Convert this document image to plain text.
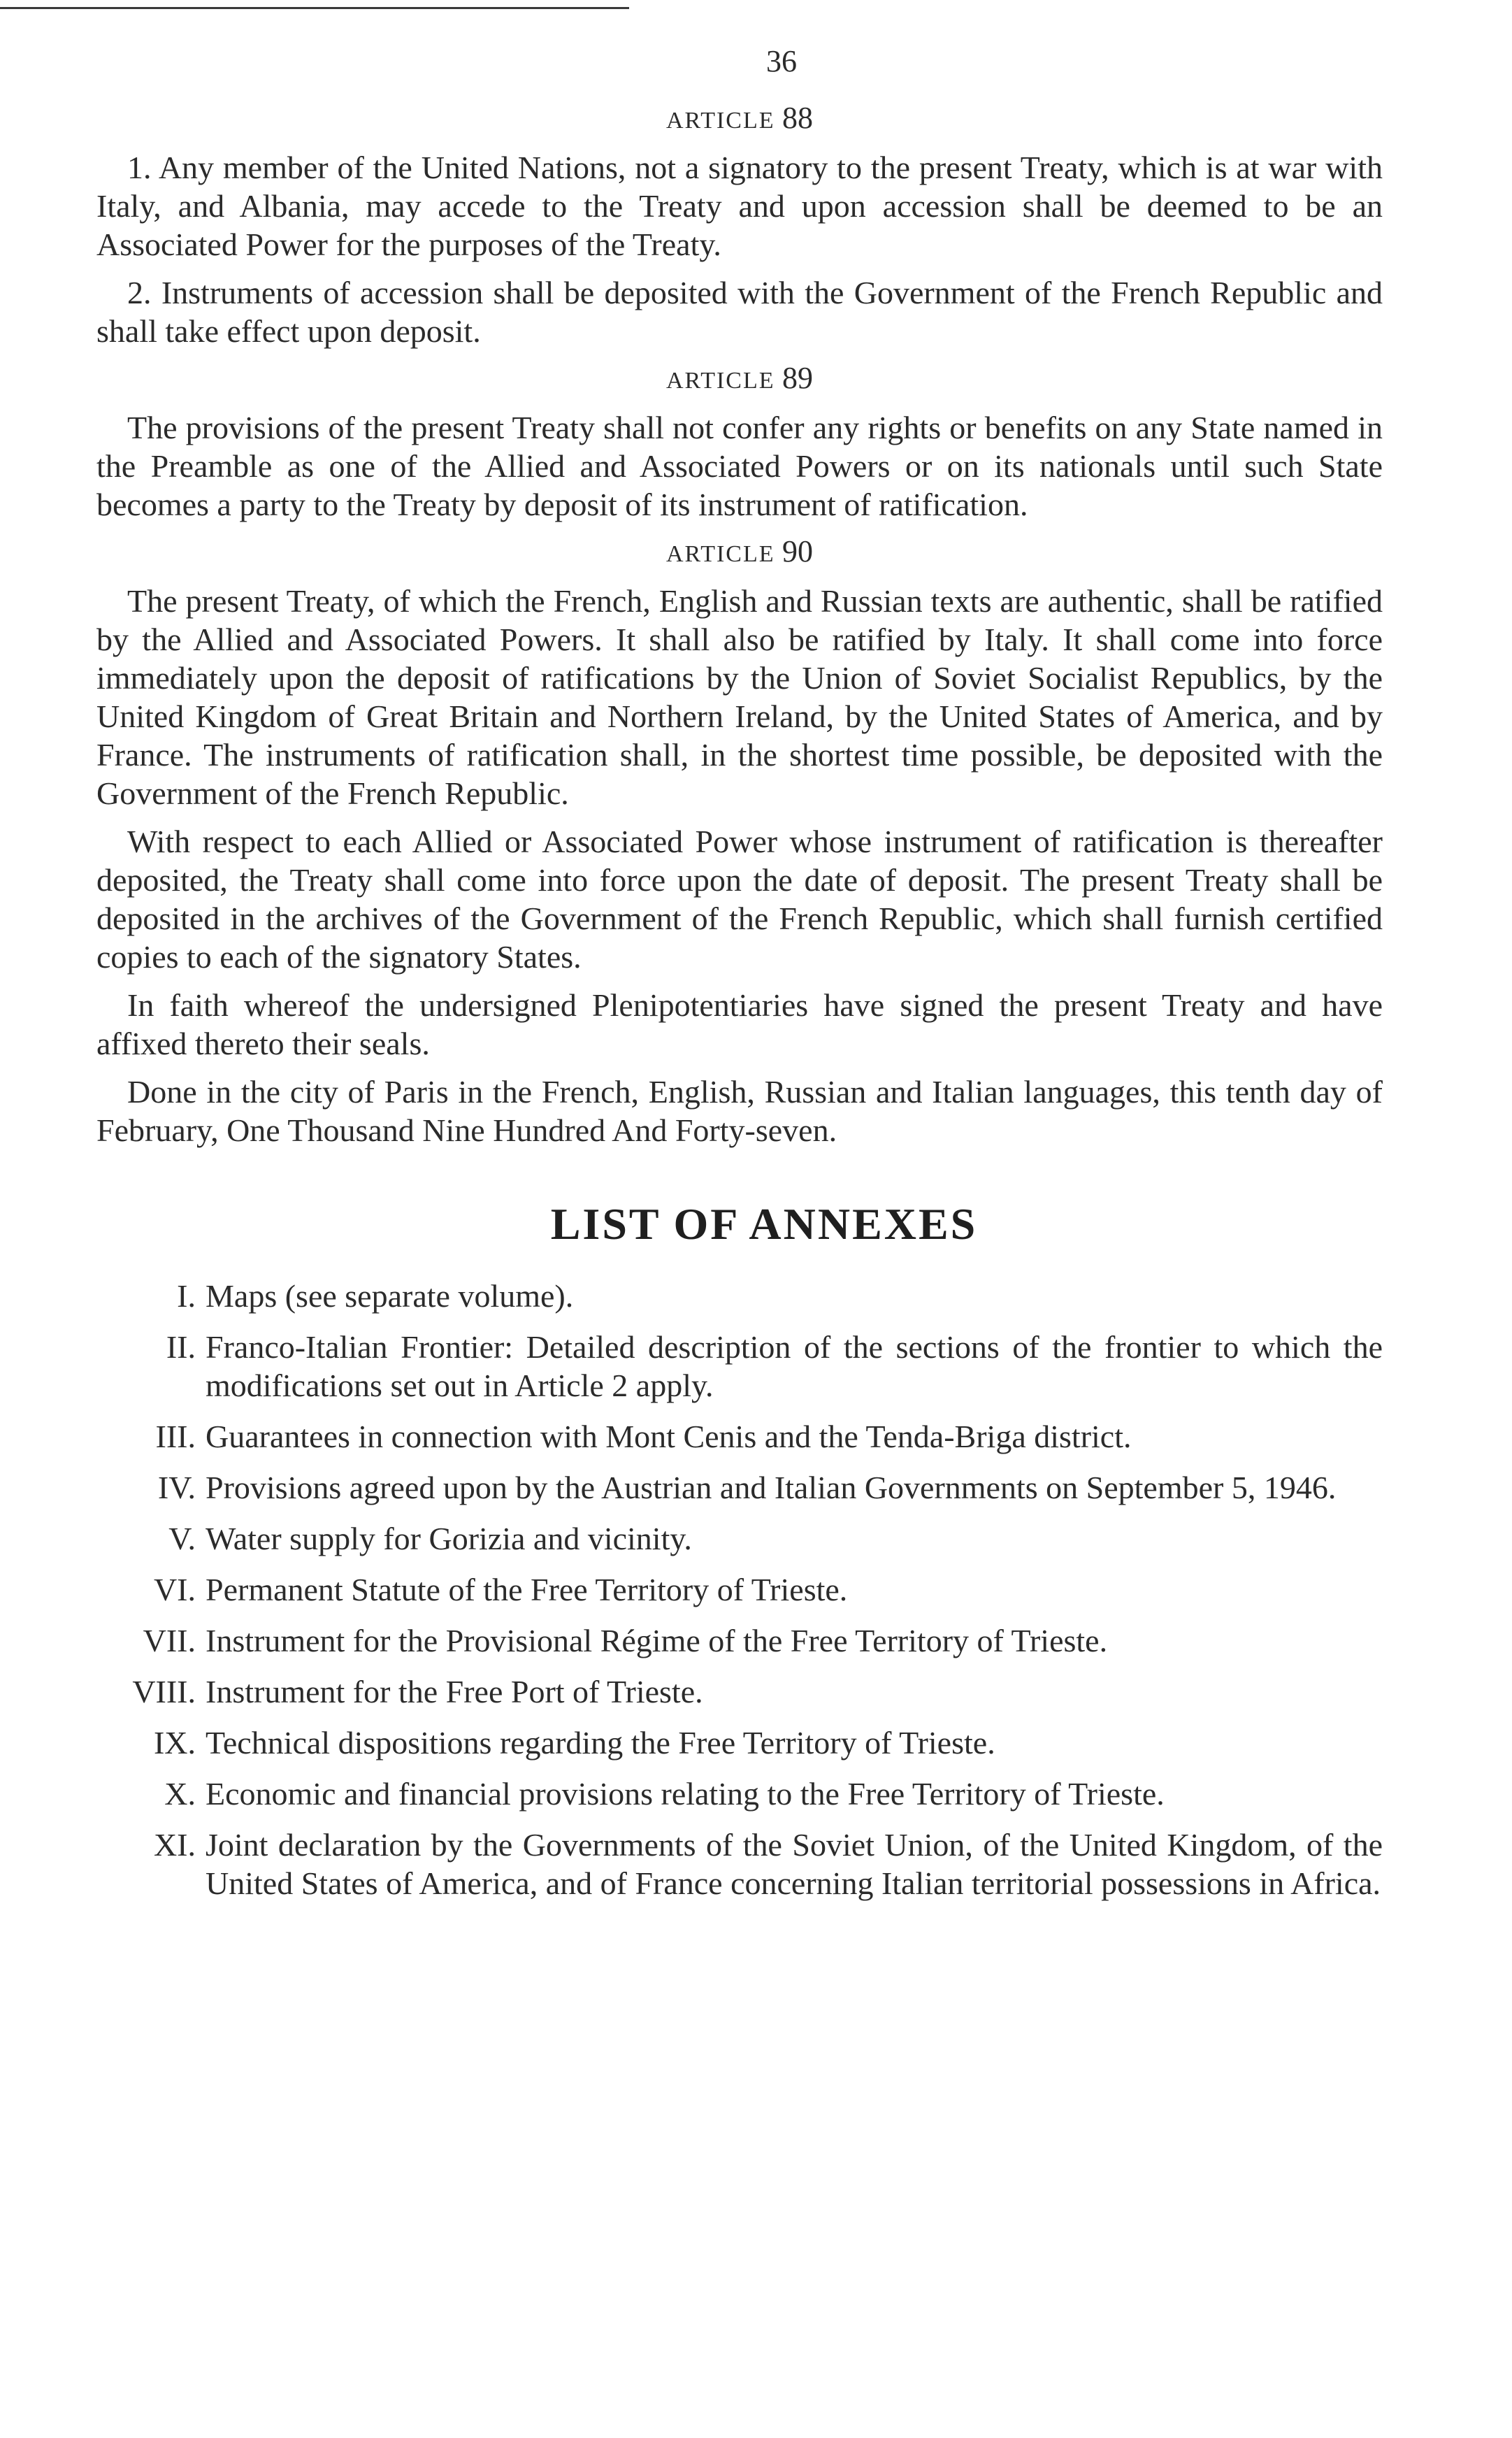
36
ARTICLE 88

1. Any member of the United Nations, not a signatory to the present Treaty, which is at war with Italy, and Albania, may accede to the Treaty and upon accession shall be deemed to be an Associated Power for the purposes of the Treaty.

2. Instruments of accession shall be deposited with the Government of the French Republic and shall take effect upon deposit.

ARTICLE 89

The provisions of the present Treaty shall not confer any rights or benefits on any State named in the Preamble as one of the Allied and Associated Powers or on its nationals until such State becomes a party to the Treaty by deposit of its instrument of ratification.

ARTICLE 90

The present Treaty, of which the French, English and Russian texts are authentic, shall be ratified by the Allied and Associated Powers. It shall also be ratified by Italy. It shall come into force immediately upon the deposit of ratifications by the Union of Soviet Socialist Republics, by the United Kingdom of Great Britain and Northern Ireland, by the United States of America, and by France. The instruments of ratification shall, in the shortest time possible, be deposited with the Government of the French Republic.

With respect to each Allied or Associated Power whose instrument of ratification is thereafter deposited, the Treaty shall come into force upon the date of deposit. The present Treaty shall be deposited in the archives of the Government of the French Republic, which shall furnish certified copies to each of the signatory States.

In faith whereof the undersigned Plenipotentiaries have signed the present Treaty and have affixed thereto their seals.

Done in the city of Paris in the French, English, Russian and Italian languages, this tenth day of February, One Thousand Nine Hundred And Forty-seven.

LIST OF ANNEXES
I. Maps (see separate volume).
II. Franco-Italian Frontier: Detailed description of the sections of the frontier to which the modifications set out in Article 2 apply.
III. Guarantees in connection with Mont Cenis and the Tenda-Briga district.
IV. Provisions agreed upon by the Austrian and Italian Governments on September 5, 1946.
V. Water supply for Gorizia and vicinity.
VI. Permanent Statute of the Free Territory of Trieste.
VII. Instrument for the Provisional Régime of the Free Territory of Trieste.
VIII. Instrument for the Free Port of Trieste.
IX. Technical dispositions regarding the Free Territory of Trieste.
X. Economic and financial provisions relating to the Free Territory of Trieste.
XI. Joint declaration by the Governments of the Soviet Union, of the United Kingdom, of the United States of America, and of France concerning Italian territorial possessions in Africa.
